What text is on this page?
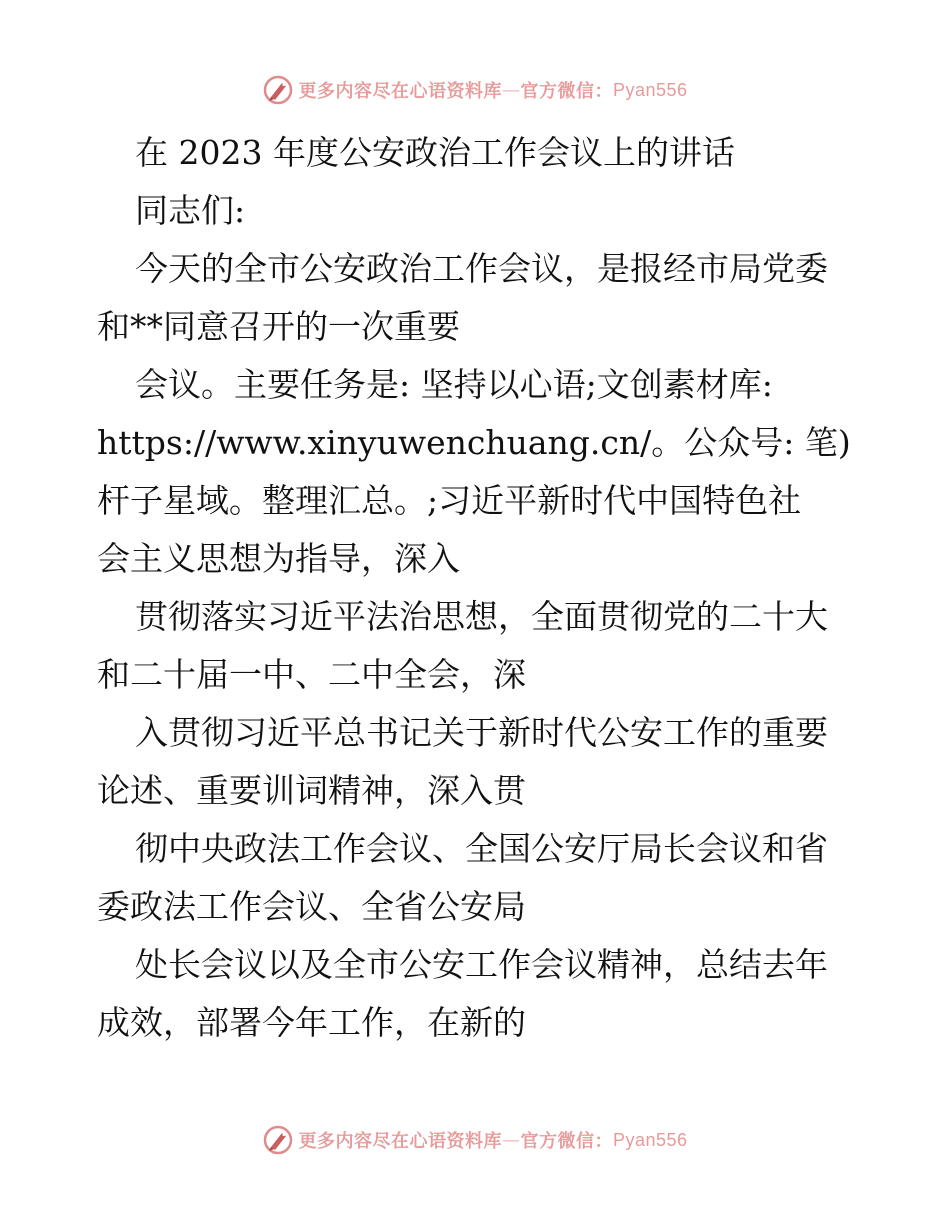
更多内容尽在心语资料库 — 官方微信： Pyan556

在 2023 年度公安政治工作会议上的讲话

同志们:

今天的全市公安政治工作会议，是报经市局党委

和**同意召开的一次重要

会议。主要任务是: 坚持以心语;文创素材库:

https://www.xinyuwenchuang.cn/。公众号: 笔)

杆子星域。整理汇总。;习近平新时代中国特色社

会主义思想为指导，深入

贯彻落实习近平法治思想，全面贯彻党的二十大

和二十届一中、二中全会，深

入贯彻习近平总书记关于新时代公安工作的重要

论述、重要训词精神，深入贯

彻中央政法工作会议、全国公安厅局长会议和省

委政法工作会议、全省公安局

处长会议以及全市公安工作会议精神，总结去年

成效，部署今年工作，在新的

更多内容尽在心语资料库 — 官方微信： Pyan556
